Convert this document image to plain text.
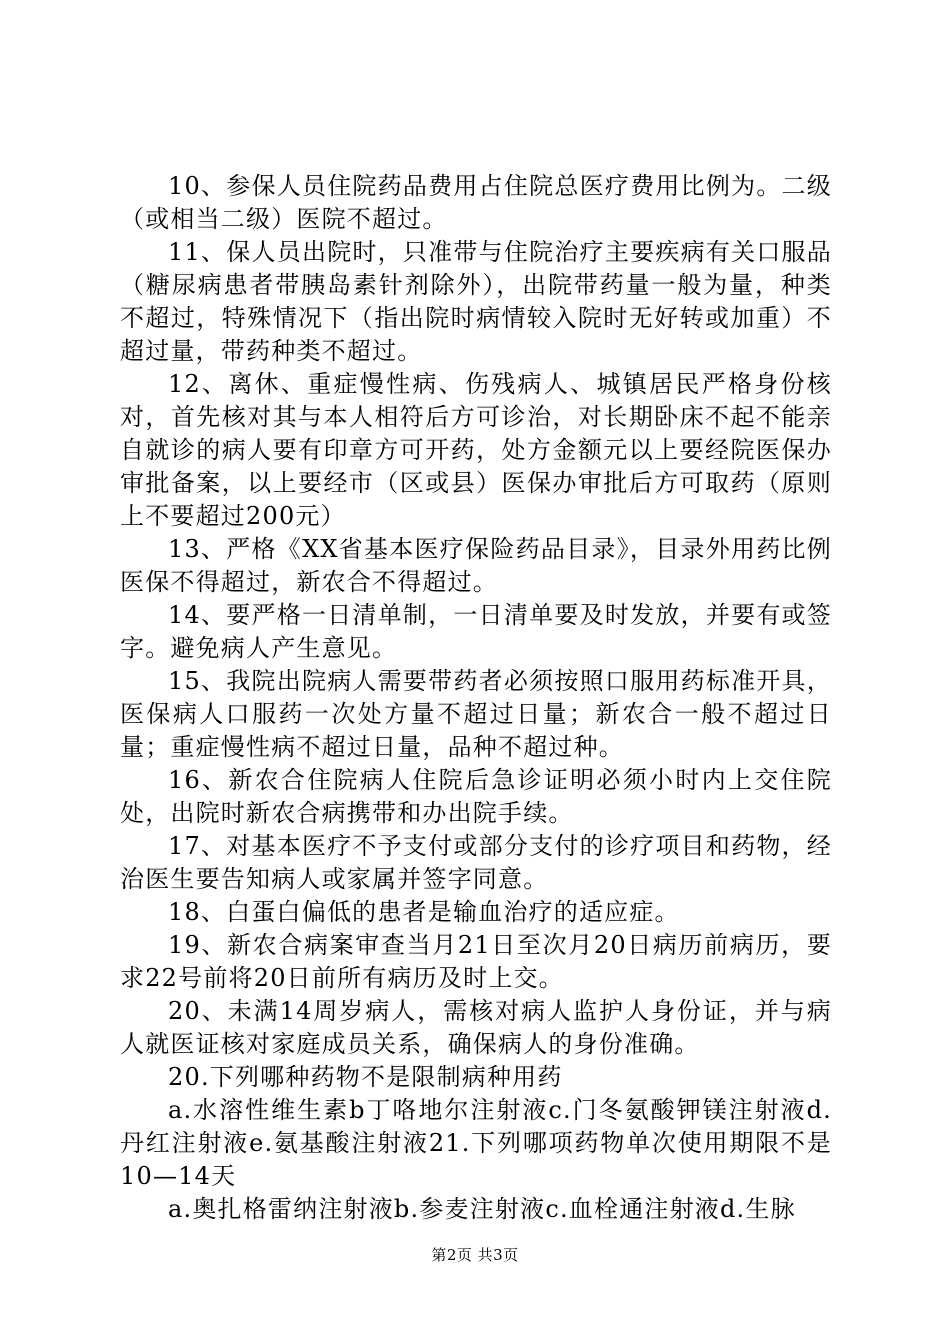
10、参保人员住院药品费用占住院总医疗费用比例为。二级（或相当二级）医院不超过。

11、保人员出院时，只准带与住院治疗主要疾病有关口服品（糖尿病患者带胰岛素针剂除外），出院带药量一般为量，种类不超过，特殊情况下（指出院时病情较入院时无好转或加重）不超过量，带药种类不超过。

12、离休、重症慢性病、伤残病人、城镇居民严格身份核对，首先核对其与本人相符后方可诊治，对长期卧床不起不能亲自就诊的病人要有印章方可开药，处方金额元以上要经院医保办审批备案，以上要经市（区或县）医保办审批后方可取药（原则上不要超过200元）

13、严格《XX省基本医疗保险药品目录》，目录外用药比例医保不得超过，新农合不得超过。

14、要严格一日清单制，一日清单要及时发放，并要有或签字。避免病人产生意见。

15、我院出院病人需要带药者必须按照口服用药标准开具，医保病人口服药一次处方量不超过日量；新农合一般不超过日量；重症慢性病不超过日量，品种不超过种。

16、新农合住院病人住院后急诊证明必须小时内上交住院处，出院时新农合病携带和办出院手续。

17、对基本医疗不予支付或部分支付的诊疗项目和药物，经治医生要告知病人或家属并签字同意。

18、白蛋白偏低的患者是输血治疗的适应症。

19、新农合病案审查当月21日至次月20日病历前病历，要求22号前将20日前所有病历及时上交。

20、未满14周岁病人，需核对病人监护人身份证，并与病人就医证核对家庭成员关系，确保病人的身份准确。

20.下列哪种药物不是限制病种用药

a.水溶性维生素b丁咯地尔注射液c.门冬氨酸钾镁注射液d.丹红注射液e.氨基酸注射液21.下列哪项药物单次使用期限不是10—14天

a.奥扎格雷纳注射液b.参麦注射液c.血栓通注射液d.生脉

第2页 共3页
